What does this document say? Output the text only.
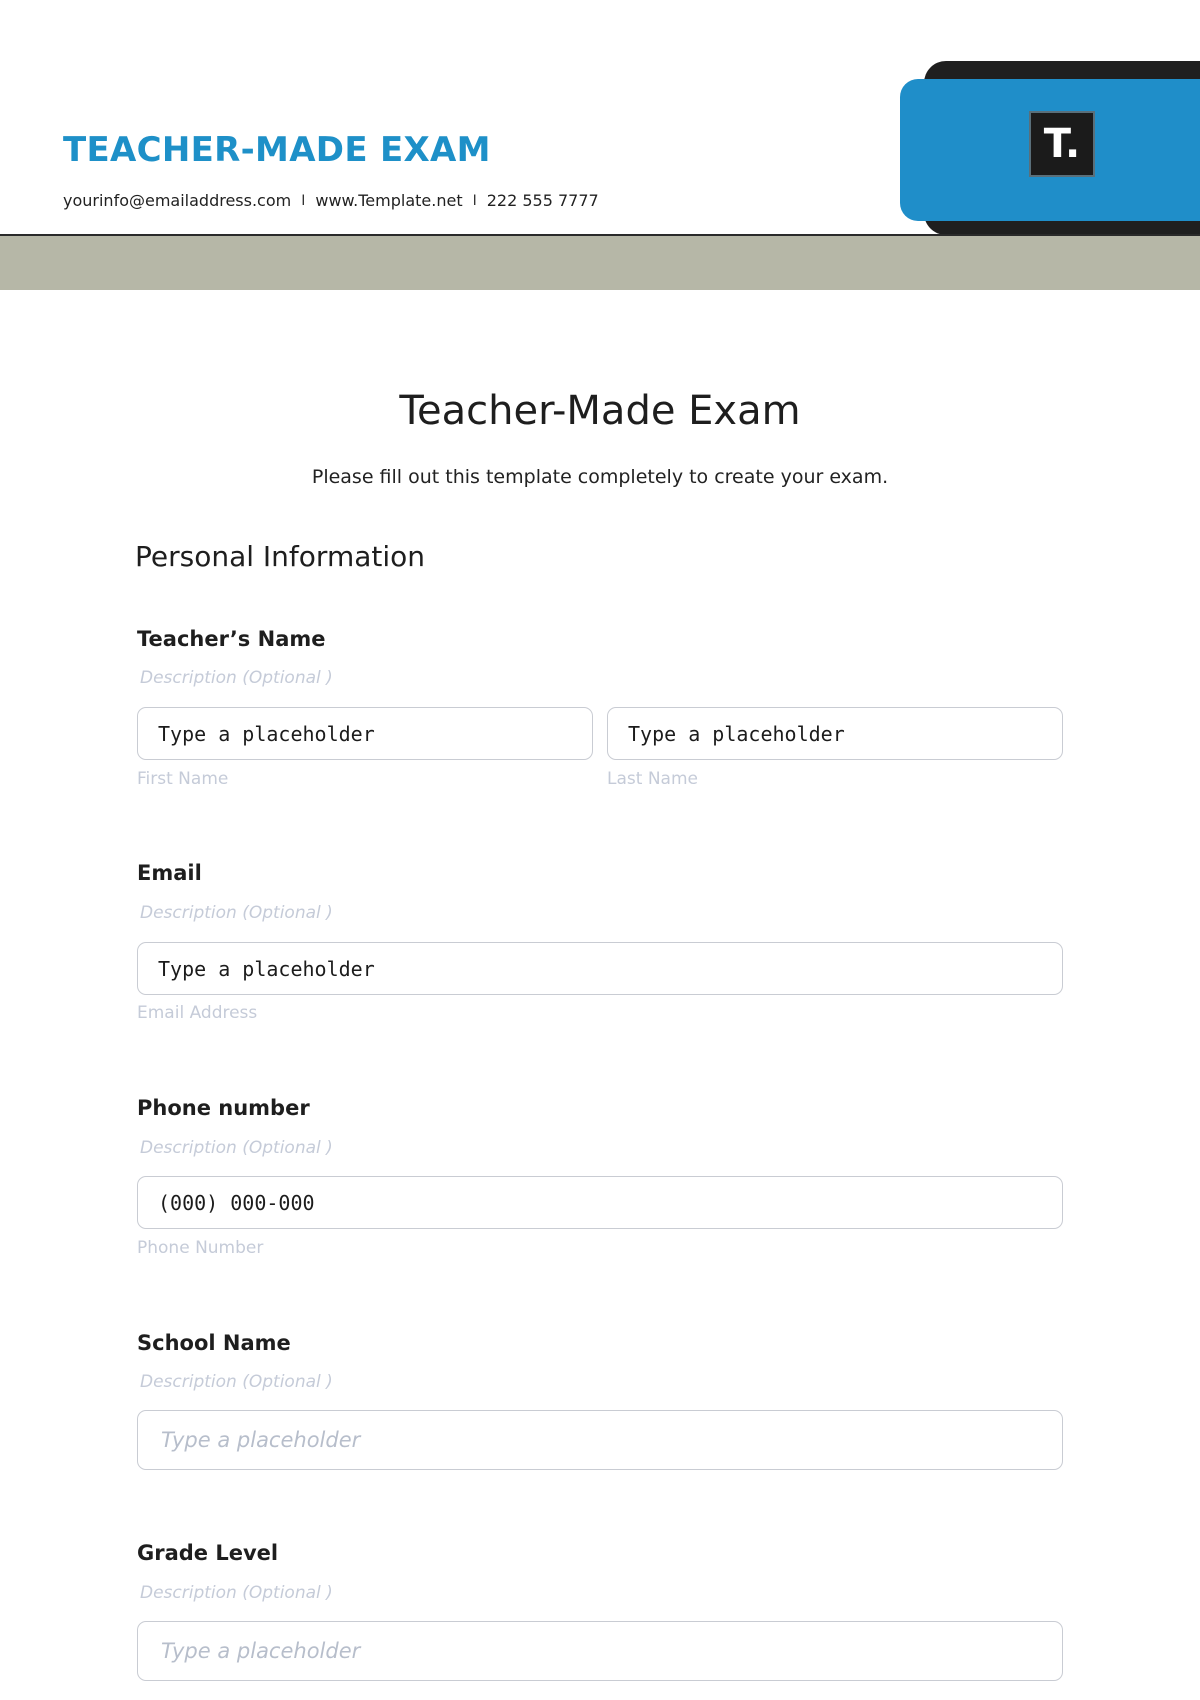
T.
TEACHER-MADE EXAM
yourinfo@emailaddress.com I www.Template.net I 222 555 7777
Teacher-Made Exam
Please fill out this template completely to create your exam.
Personal Information
Teacher’s Name
Description (Optional )
Type a placeholder	Type a placeholder
First Name	Last Name
Email
Description (Optional )
Type a placeholder
Email Address
Phone number
Description (Optional )
(000) 000-000
Phone Number
School Name
Description (Optional )
Type a placeholder
Grade Level
Description (Optional )
Type a placeholder
